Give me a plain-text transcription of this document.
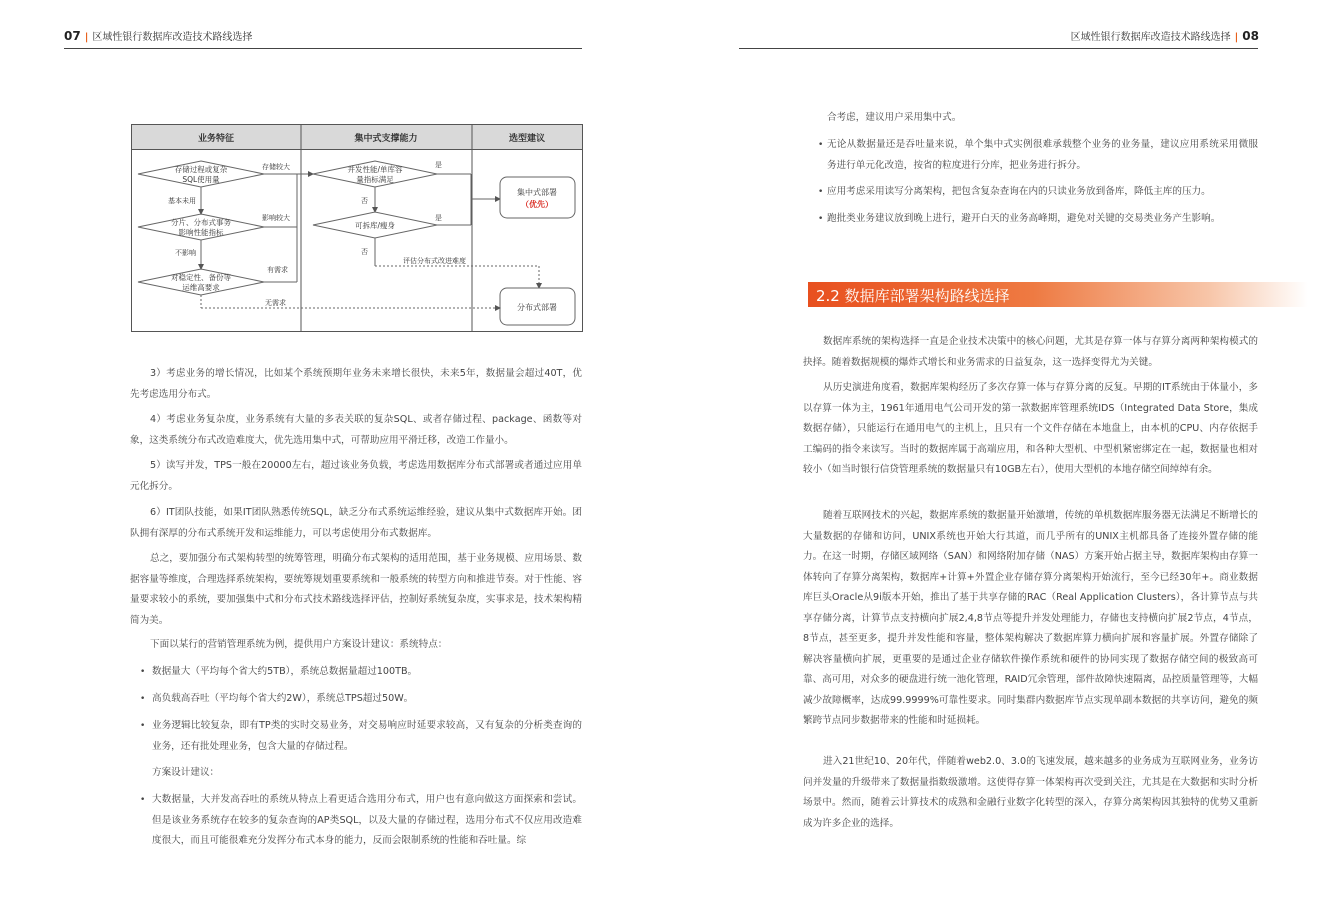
07 | 区域性银行数据库改造技术路线选择
业务特征	集中式支撑能力	选型建议
存储过程或复杂
SQL使用量
分片、分布式事务
影响性能指标
对稳定性、备份等
运维高要求
基本未用
不影响
存储较大
影响较大
有需求
并发性能/单库容
量指标满足
否
可拆库/瘦身
否
评估分布式改进难度
是
是
集中式部署
（优先）
分布式部署
无需求

3）考虑业务的增长情况，比如某个系统预期年业务未来增长很快，未来5年，数据量会超过40T，优先考虑选用分布式。

4）考虑业务复杂度，业务系统有大量的多表关联的复杂SQL、或者存储过程、package、函数等对象，这类系统分布式改造难度大，优先选用集中式，可帮助应用平滑迁移，改造工作量小。

5）读写并发，TPS一般在20000左右，超过该业务负载，考虑选用数据库分布式部署或者通过应用单元化拆分。

6）IT团队技能，如果IT团队熟悉传统SQL，缺乏分布式系统运维经验，建议从集中式数据库开始。团队拥有深厚的分布式系统开发和运维能力，可以考虑使用分布式数据库。

总之，要加强分布式架构转型的统筹管理，明确分布式架构的适用范围，基于业务规模、应用场景、数据容量等维度，合理选择系统架构，要统筹规划重要系统和一般系统的转型方向和推进节奏。对于性能、容量要求较小的系统，要加强集中式和分布式技术路线选择评估，控制好系统复杂度，实事求是，技术架构精简为美。

下面以某行的营销管理系统为例，提供用户方案设计建议：系统特点：

• 数据量大（平均每个省大约5TB），系统总数据量超过100TB。

• 高负载高吞吐（平均每个省大约2W），系统总TPS超过50W。

• 业务逻辑比较复杂，即有TP类的实时交易业务，对交易响应时延要求较高，又有复杂的分析类查询的业务，还有批处理业务，包含大量的存储过程。

方案设计建议：

• 大数据量，大并发高吞吐的系统从特点上看更适合选用分布式，用户也有意向做这方面探索和尝试。但是该业务系统存在较多的复杂查询的AP类SQL，以及大量的存储过程，选用分布式不仅应用改造难度很大，而且可能很难充分发挥分布式本身的能力，反而会限制系统的性能和吞吐量。综

区域性银行数据库改造技术路线选择 | 08

合考虑，建议用户采用集中式。

• 无论从数据量还是吞吐量来说，单个集中式实例很难承载整个业务的业务量，建议应用系统采用微服务进行单元化改造，按省的粒度进行分库，把业务进行拆分。

• 应用考虑采用读写分离架构，把包含复杂查询在内的只读业务放到备库，降低主库的压力。

• 跑批类业务建议放到晚上进行，避开白天的业务高峰期，避免对关键的交易类业务产生影响。

2.2 数据库部署架构路线选择

数据库系统的架构选择一直是企业技术决策中的核心问题，尤其是存算一体与存算分离两种架构模式的抉择。随着数据规模的爆炸式增长和业务需求的日益复杂，这一选择变得尤为关键。

从历史演进角度看，数据库架构经历了多次存算一体与存算分离的反复。早期的IT系统由于体量小，多以存算一体为主，1961年通用电气公司开发的第一款数据库管理系统IDS（Integrated Data Store，集成数据存储），只能运行在通用电气的主机上，且只有一个文件存储在本地盘上，由本机的CPU、内存依据手工编码的指令来读写。当时的数据库属于高端应用，和各种大型机、中型机紧密绑定在一起，数据量也相对较小（如当时银行信贷管理系统的数据量只有10GB左右），使用大型机的本地存储空间绰绰有余。

随着互联网技术的兴起，数据库系统的数据量开始激增，传统的单机数据库服务器无法满足不断增长的大量数据的存储和访问，UNIX系统也开始大行其道，而几乎所有的UNIX主机都具备了连接外置存储的能力。在这一时期，存储区域网络（SAN）和网络附加存储（NAS）方案开始占据主导，数据库架构由存算一体转向了存算分离架构，数据库+计算+外置企业存储存算分离架构开始流行，至今已经30年+。商业数据库巨头Oracle从9i版本开始，推出了基于共享存储的RAC（Real Application Clusters），各计算节点与共享存储分离，计算节点支持横向扩展2,4,8节点等提升并发处理能力，存储也支持横向扩展2节点，4节点，8节点，甚至更多，提升并发性能和容量，整体架构解决了数据库算力横向扩展和容量扩展。外置存储除了解决容量横向扩展，更重要的是通过企业存储软件操作系统和硬件的协同实现了数据存储空间的极致高可靠、高可用，对众多的硬盘进行统一池化管理，RAID冗余管理，部件故障快速隔离，品控质量管理等，大幅减少故障概率，达成99.9999%可靠性要求。同时集群内数据库节点实现单副本数据的共享访问，避免的频繁跨节点同步数据带来的性能和时延损耗。

进入21世纪10、20年代，伴随着web2.0、3.0的飞速发展，越来越多的业务成为互联网业务，业务访问并发量的升级带来了数据量指数级激增。这使得存算一体架构再次受到关注，尤其是在大数据和实时分析场景中。然而，随着云计算技术的成熟和金融行业数字化转型的深入，存算分离架构因其独特的优势又重新成为许多企业的选择。
